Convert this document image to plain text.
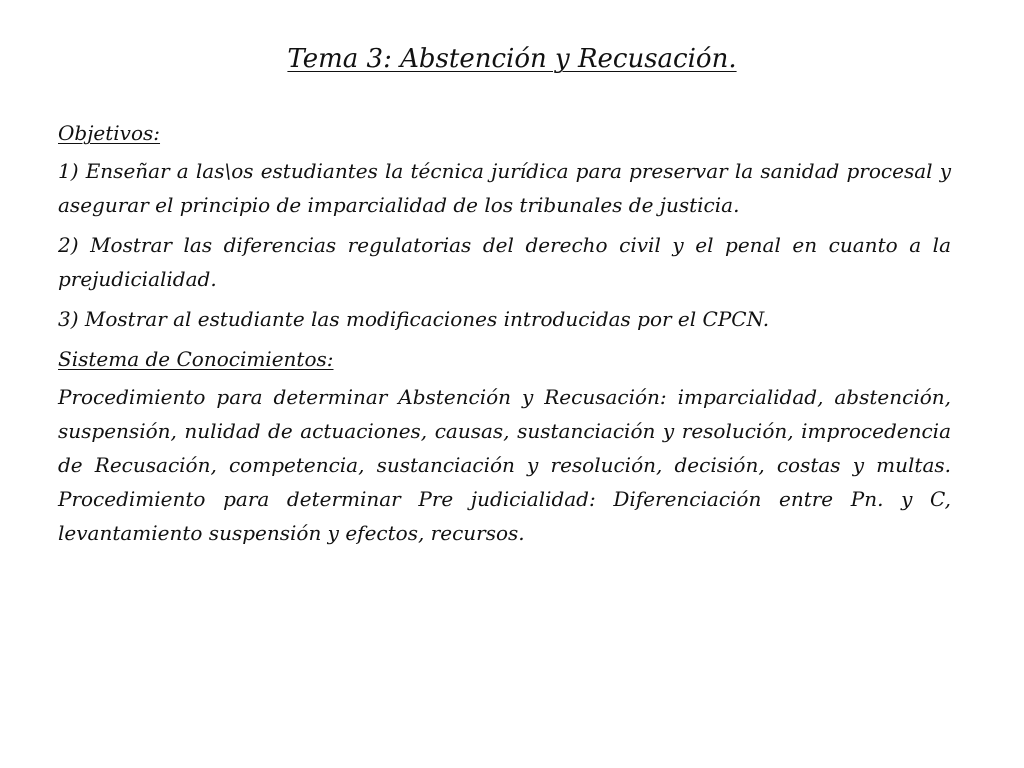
Tema 3: Abstención y Recusación.

Objetivos:

1) Enseñar a las\os estudiantes la técnica jurídica para preservar la sanidad procesal y asegurar el principio de imparcialidad de los tribunales de justicia.

2) Mostrar las diferencias regulatorias del derecho civil y el penal en cuanto a la prejudicialidad.

3) Mostrar al estudiante las modificaciones introducidas por el CPCN.

Sistema de Conocimientos:

Procedimiento para determinar Abstención y Recusación: imparcialidad, abstención, suspensión, nulidad de actuaciones, causas, sustanciación y resolución, improcedencia de Recusación, competencia, sustanciación y resolución, decisión, costas y multas. Procedimiento para determinar Pre judicialidad: Diferenciación entre Pn. y C, levantamiento suspensión y efectos, recursos.
